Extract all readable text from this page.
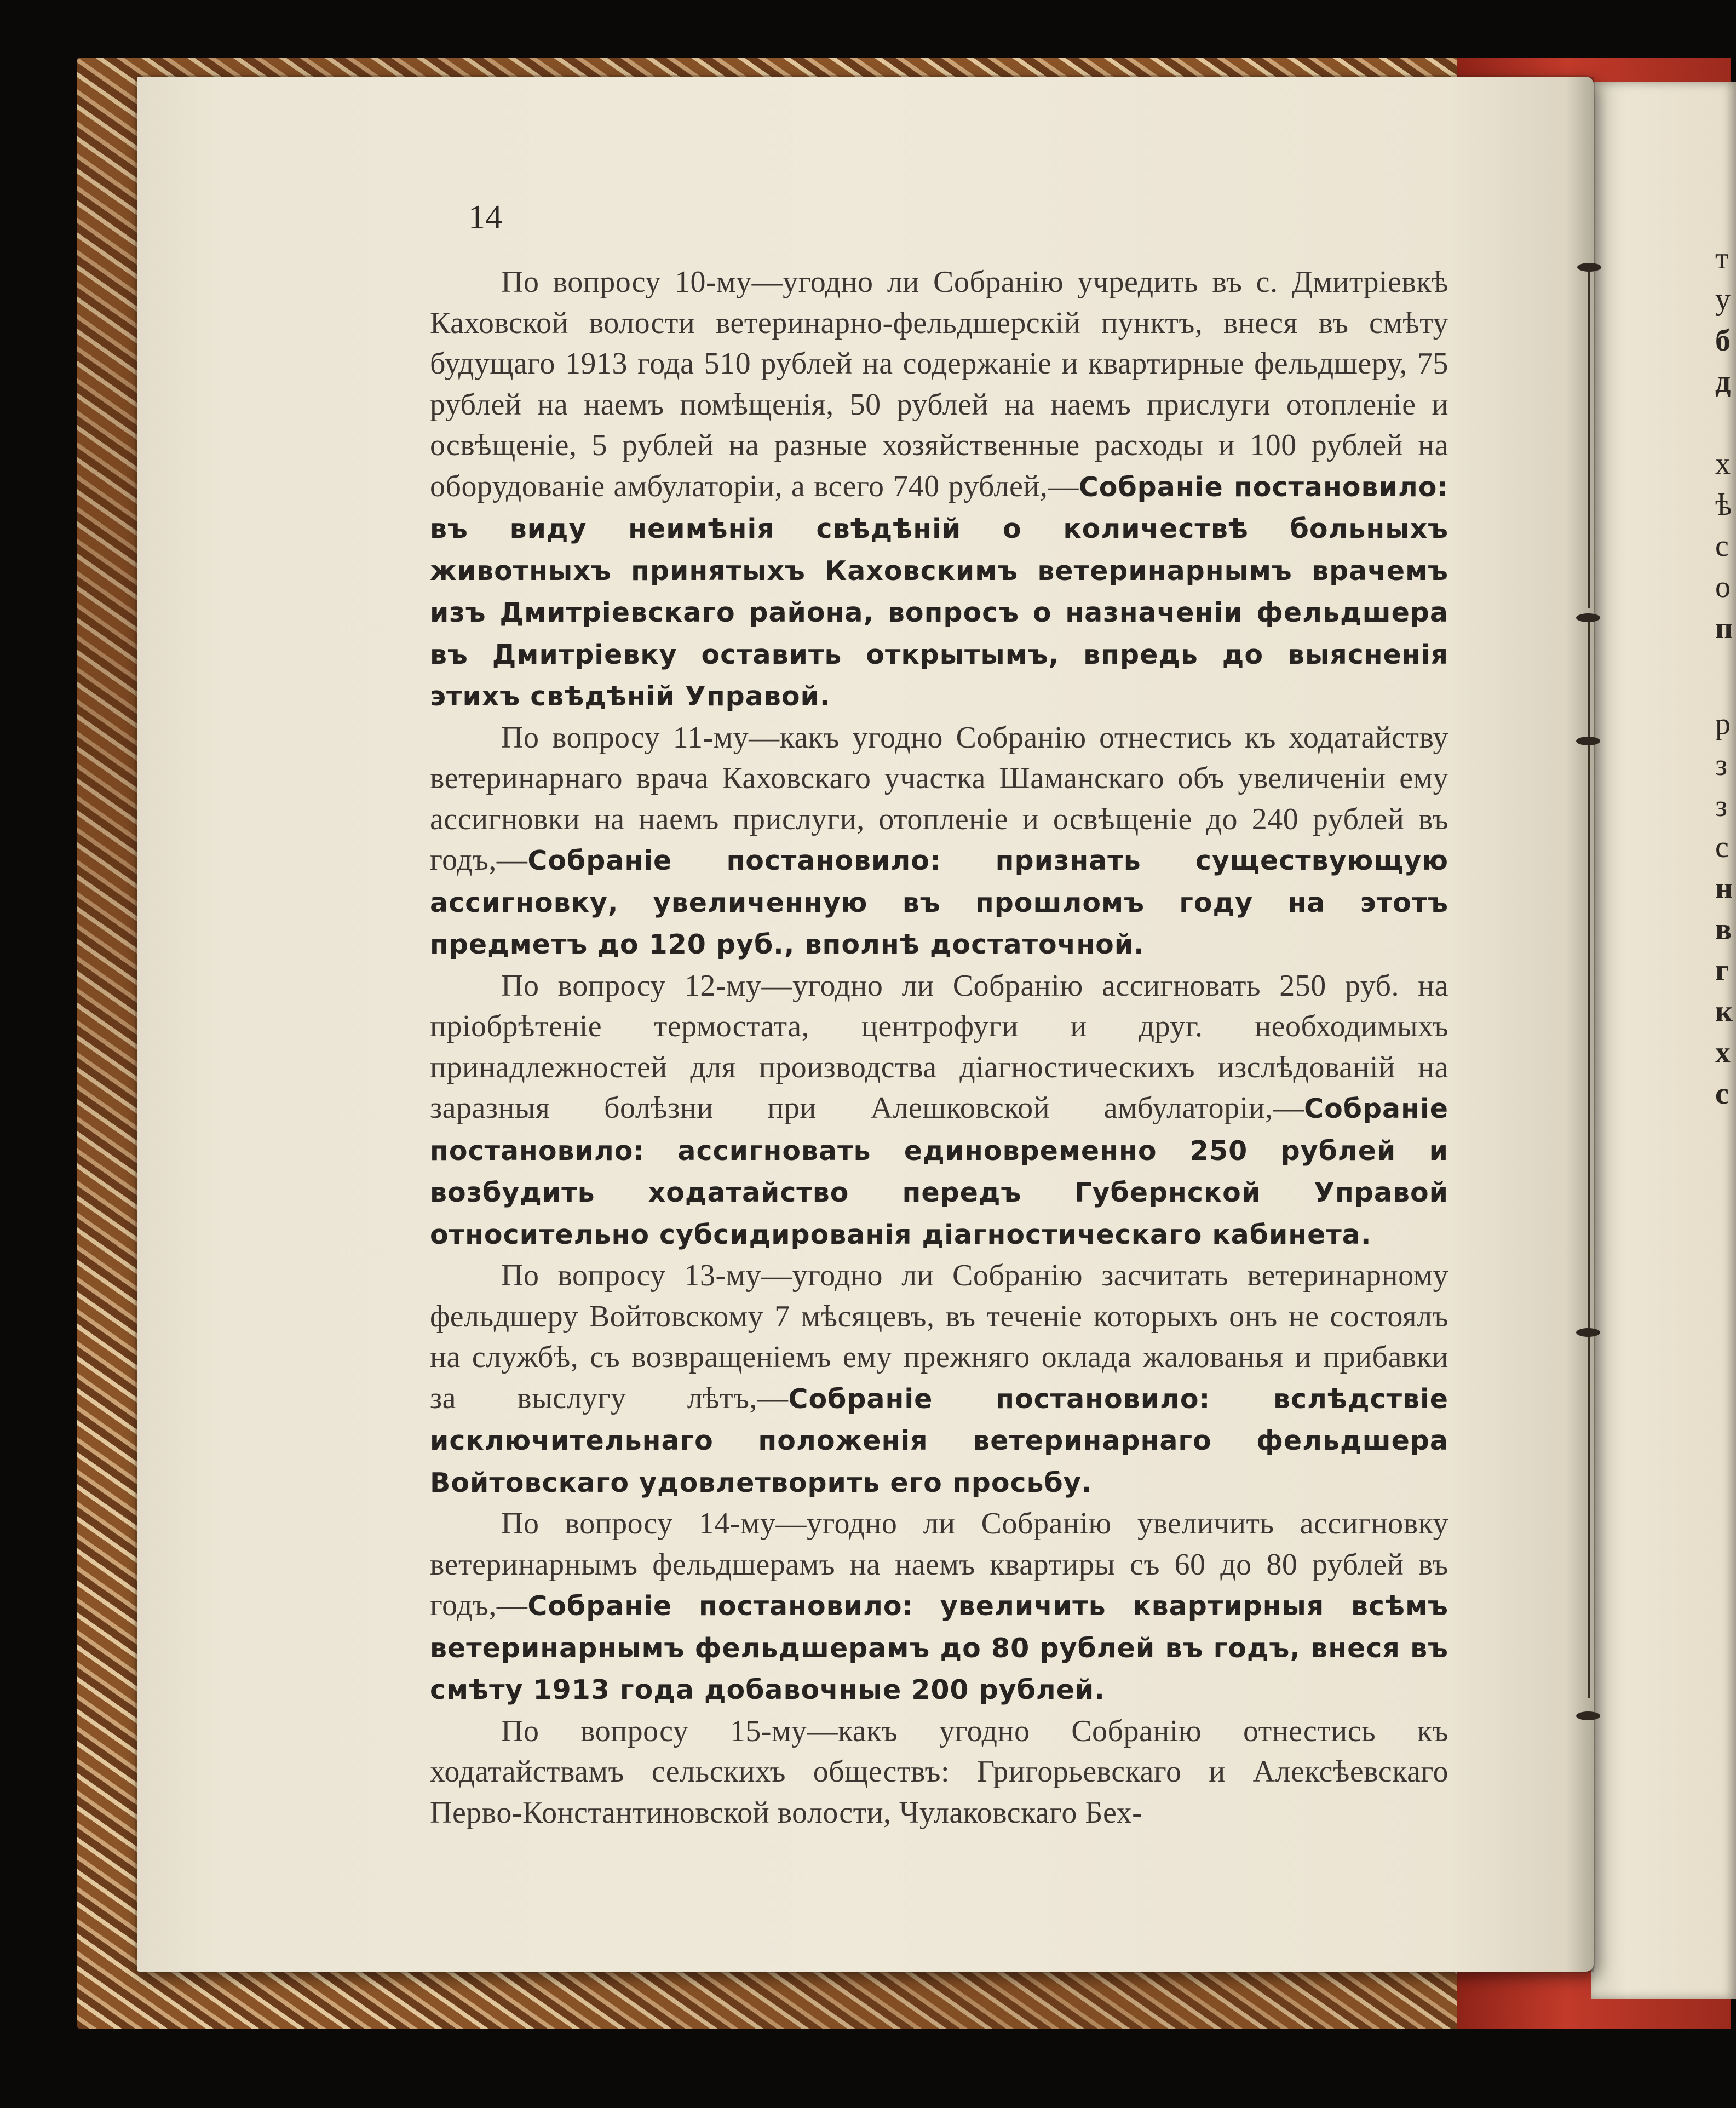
т
у
б
д
х
ѣ
с
о
п
р
з
з
с
н
в
г
к
х
с
14

По вопросу 10-му—угодно ли Собранію учредить въ с. Дмитріевкѣ Каховской волости ветеринарно-фельдшерскій пунктъ, внеся въ смѣту будущаго 1913 года 510 рублей на содержаніе и квартирные фельдшеру, 75 рублей на наемъ помѣщенія, 50 рублей на наемъ прислуги отопленіе и освѣщеніе, 5 рублей на разные хозяйственные расходы и 100 рублей на оборудованіе амбулаторіи, а всего 740 рублей,—Собраніе постановило: въ виду неимѣнія свѣдѣній о количествѣ больныхъ животныхъ принятыхъ Каховскимъ ветеринарнымъ врачемъ изъ Дмитріевскаго района, вопросъ о назначеніи фельдшера въ Дмитріевку оставить открытымъ, впредь до выясненія этихъ свѣдѣній Управой.

По вопросу 11-му—какъ угодно Собранію отнестись къ ходатайству ветеринарнаго врача Каховскаго участка Шаманскаго объ увеличеніи ему ассигновки на наемъ прислуги, отопленіе и освѣщеніе до 240 рублей въ годъ,—Собраніе постановило: признать существующую ассигновку, увеличенную въ прошломъ году на этотъ предметъ до 120 руб., вполнѣ достаточной.

По вопросу 12-му—угодно ли Собранію ассигновать 250 руб. на пріобрѣтеніе термостата, центрофуги и друг. необходимыхъ принадлежностей для производства діагностическихъ изслѣдованій на заразныя болѣзни при Алешковской амбулаторіи,—Собраніе постановило: ассигновать единовременно 250 рублей и возбудить ходатайство передъ Губернской Управой относительно субсидированія діагностическаго кабинета.

По вопросу 13-му—угодно ли Собранію засчитать ветеринарному фельдшеру Войтовскому 7 мѣсяцевъ, въ теченіе которыхъ онъ не состоялъ на службѣ, съ возвращеніемъ ему прежняго оклада жалованья и прибавки за выслугу лѣтъ,—Собраніе постановило: вслѣдствіе исключительнаго положенія ветеринарнаго фельдшера Войтовскаго удовлетворить его просьбу.

По вопросу 14-му—угодно ли Собранію увеличить ассигновку ветеринарнымъ фельдшерамъ на наемъ квартиры съ 60 до 80 рублей въ годъ,—Собраніе постановило: увеличить квартирныя всѣмъ ветеринарнымъ фельдшерамъ до 80 рублей въ годъ, внеся въ смѣту 1913 года добавочные 200 рублей.

По вопросу 15-му—какъ угодно Собранію отнестись къ ходатайствамъ сельскихъ обществъ: Григорьевскаго и Алексѣевскаго Перво-Константиновской волости, Чулаковскаго Бех-
